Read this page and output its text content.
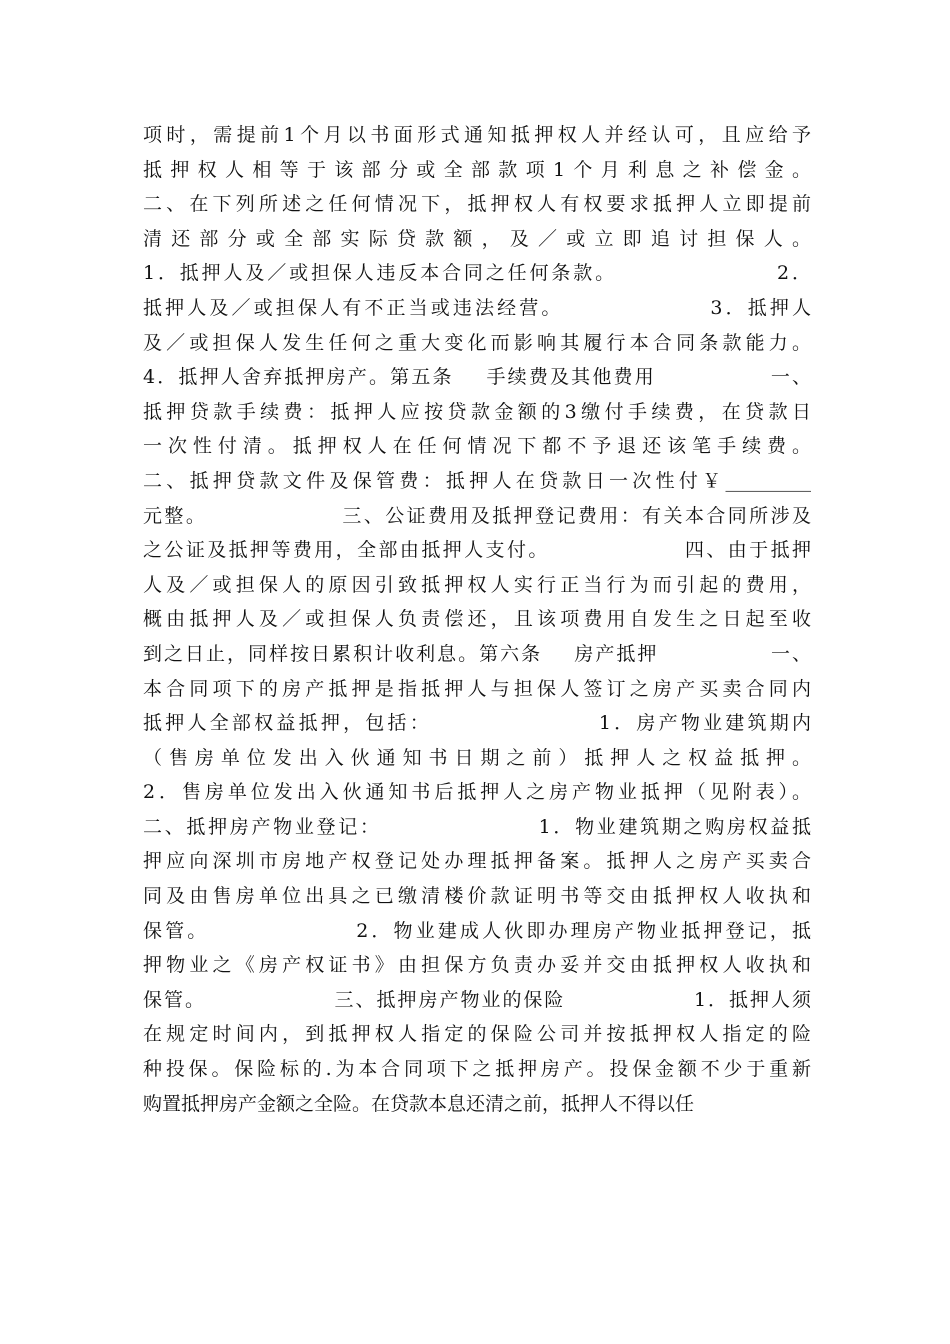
项时，需提前1个月以书面形式通知抵押权人并经认可，且应给予
抵押权人相等于该部分或全部款项1个月利息之补偿金。
二、在下列所述之任何情况下，抵押权人有权要求抵押人立即提前
清还部分或全部实际贷款额，及／或立即追讨担保人。
1．抵押人及／或担保人违反本合同之任何条款。                  2．
抵押人及／或担保人有不正当或违法经营。                3．抵押人
及／或担保人发生任何之重大变化而影响其履行本合同条款能力。
4．抵押人舍弃抵押房产。第五条    手续费及其他费用              一、
抵押贷款手续费：抵押人应按贷款金额的3缴付手续费，在贷款日
一次性付清。抵押权人在任何情况下都不予退还该笔手续费。
二、抵押贷款文件及保管费：抵押人在贷款日一次性付￥_________
元整。                三、公证费用及抵押登记费用：有关本合同所涉及
之公证及抵押等费用，全部由抵押人支付。                四、由于抵押
人及／或担保人的原因引致抵押权人实行正当行为而引起的费用，
概由抵押人及／或担保人负责偿还，且该项费用自发生之日起至收
到之日止，同样按日累积计收利息。第六条    房产抵押              一、
本合同项下的房产抵押是指抵押人与担保人签订之房产买卖合同内
抵押人全部权益抵押，包括：                  1．房产物业建筑期内
（售房单位发出入伙通知书日期之前）抵押人之权益抵押。
2．售房单位发出入伙通知书后抵押人之房产物业抵押（见附表）。
二、抵押房产物业登记：                  1．物业建筑期之购房权益抵
押应向深圳市房地产权登记处办理抵押备案。抵押人之房产买卖合
同及由售房单位出具之已缴清楼价款证明书等交由抵押权人收执和
保管。                2．物业建成人伙即办理房产物业抵押登记，抵
押物业之《房产权证书》由担保方负责办妥并交由抵押权人收执和
保管。                三、抵押房产物业的保险                1．抵押人须
在规定时间内，到抵押权人指定的保险公司并按抵押权人指定的险
种投保。保险标的.为本合同项下之抵押房产。投保金额不少于重新
购置抵押房产金额之全险。在贷款本息还清之前，抵押人不得以任
